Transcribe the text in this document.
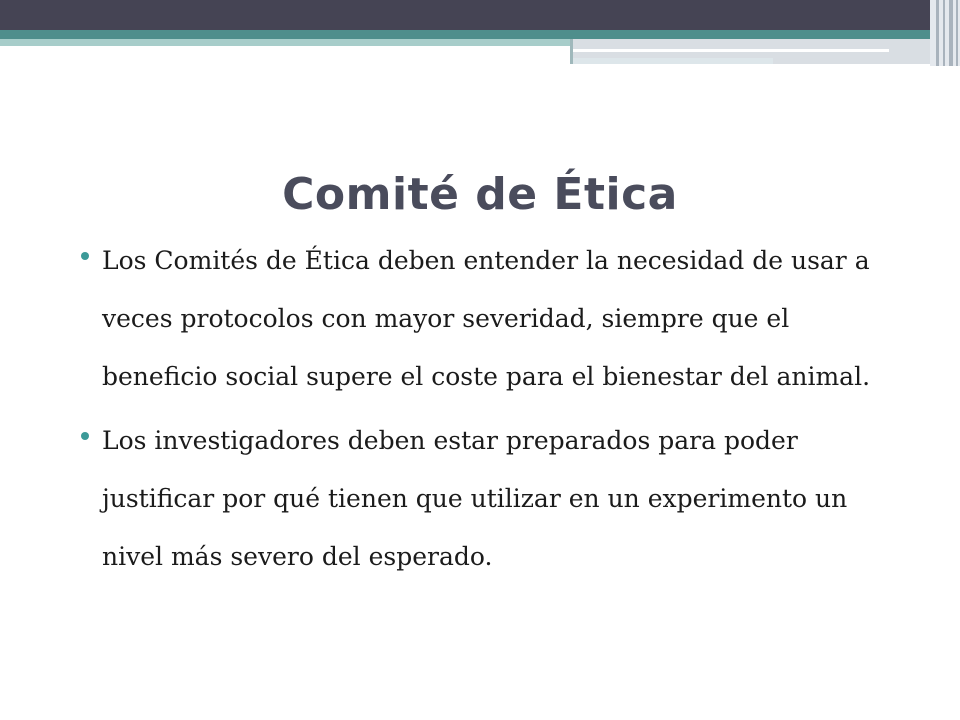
Comité de Ética
Los Comités de Ética deben entender la necesidad de usar a veces protocolos con mayor severidad, siempre que el beneficio social supere el coste para el bienestar del animal.
Los investigadores deben estar preparados para poder justificar por qué tienen que utilizar en un experimento un nivel más severo del esperado.
